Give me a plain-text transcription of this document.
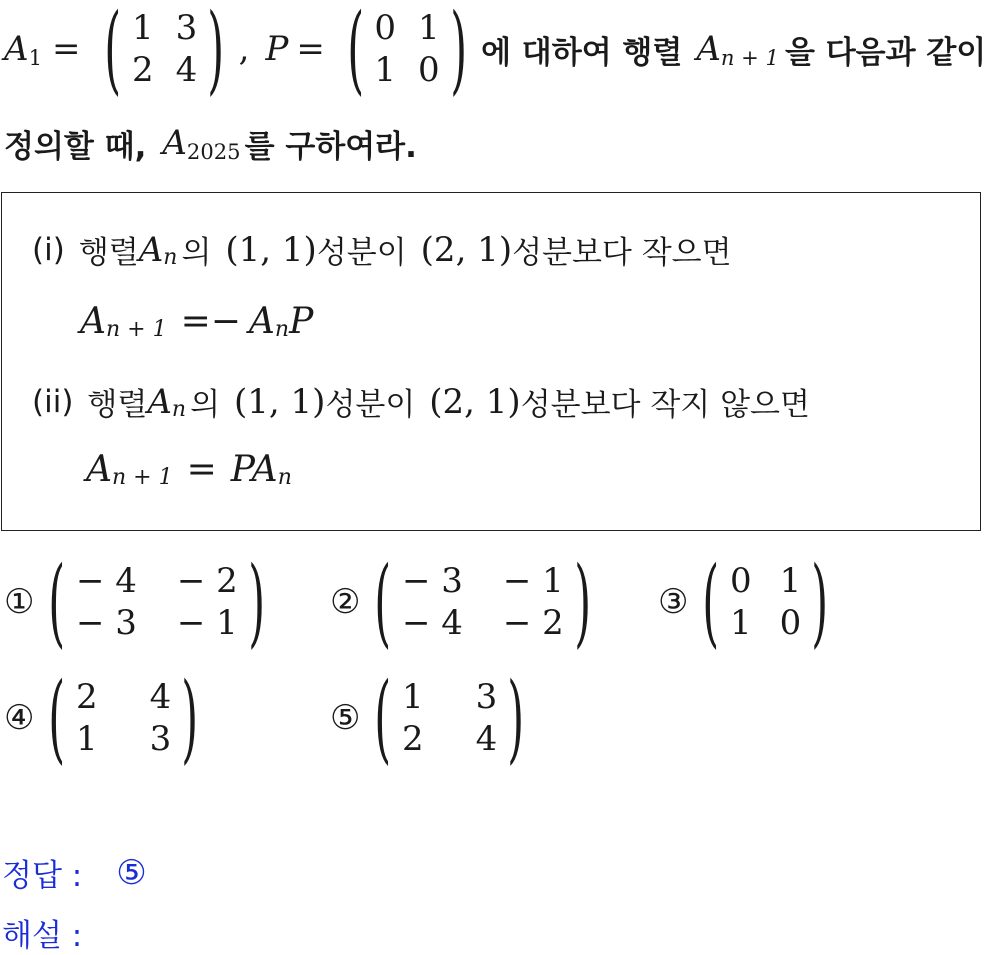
A 1 = ( 1 3
2 4 ) , P = ( 0 1
1 0 ) 에 대하여 행렬 A n + 1 을 다음과 같이
정의할 때, A 2025 를 구하여라.
(i) 행렬 A n 의 (1, 1) 성분이 (2, 1) 성분보다 작으면
A n + 1 =− A n P
(ii) 행렬 A n 의 (1, 1) 성분이 (2, 1) 성분보다 작지 않으면
A n + 1 = PA n
① ( − 4 − 2
− 3 − 1 ) ② ( − 3 − 1
− 4 − 2 ) ③ ( 0 1
1 0 )
④ ( 2 4
1 3 )	⑤ ( 1 3
2 4 )
정답 : ⑤
해설 :
